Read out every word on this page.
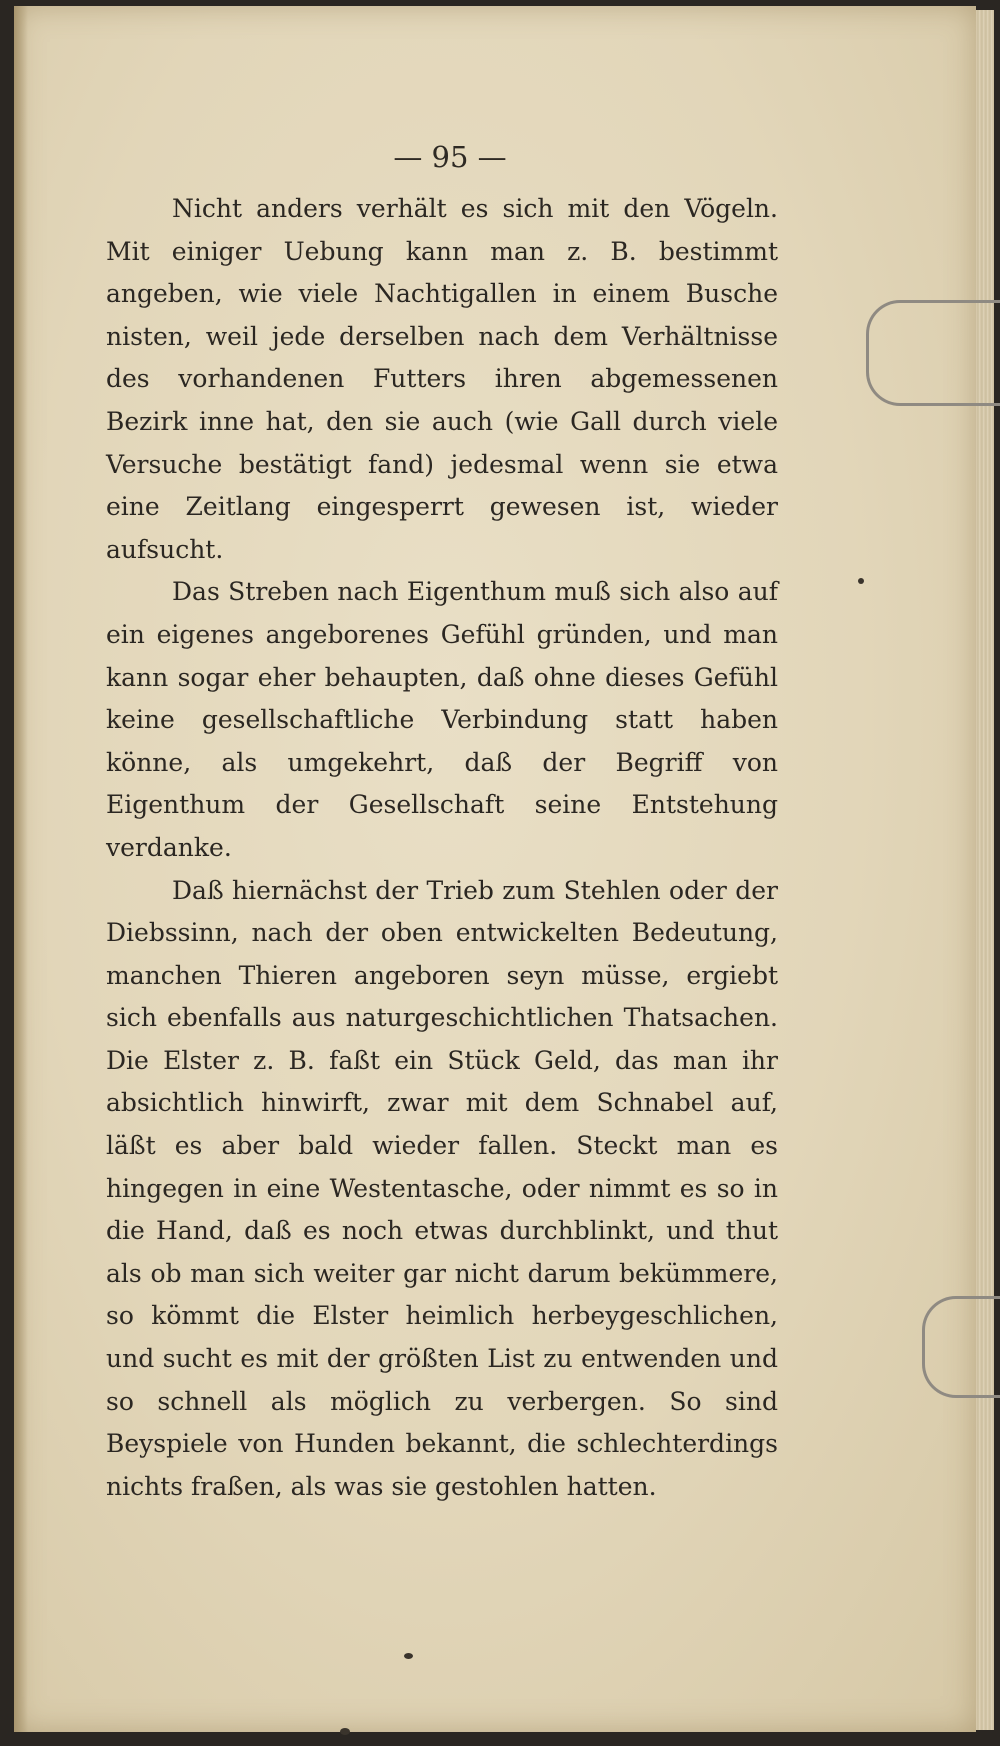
— 95 —

Nicht anders verhält es sich mit den Vögeln. Mit einiger Uebung kann man z. B. bestimmt angeben, wie viele Nachtigallen in einem Busche nisten, weil jede derselben nach dem Verhältnisse des vorhandenen Futters ihren abgemessenen Bezirk inne hat, den sie auch (wie Gall durch viele Versuche bestätigt fand) jedesmal wenn sie etwa eine Zeitlang eingesperrt gewesen ist, wieder aufsucht.

Das Streben nach Eigenthum muß sich also auf ein eigenes angeborenes Gefühl gründen, und man kann sogar eher behaupten, daß ohne dieses Gefühl keine gesellschaftliche Verbindung statt haben könne, als umgekehrt, daß der Begriff von Eigenthum der Gesellschaft seine Entstehung verdanke.

Daß hiernächst der Trieb zum Stehlen oder der Diebssinn, nach der oben entwickelten Bedeutung, manchen Thieren angeboren seyn müsse, ergiebt sich ebenfalls aus naturgeschichtlichen Thatsachen. Die Elster z. B. faßt ein Stück Geld, das man ihr absichtlich hinwirft, zwar mit dem Schnabel auf, läßt es aber bald wieder fallen. Steckt man es hingegen in eine Westentasche, oder nimmt es so in die Hand, daß es noch etwas durchblinkt, und thut als ob man sich weiter gar nicht darum bekümmere, so kömmt die Elster heimlich herbeygeschlichen, und sucht es mit der größten List zu entwenden und so schnell als möglich zu verbergen. So sind Beyspiele von Hunden bekannt, die schlechterdings nichts fraßen, als was sie gestohlen hatten.
